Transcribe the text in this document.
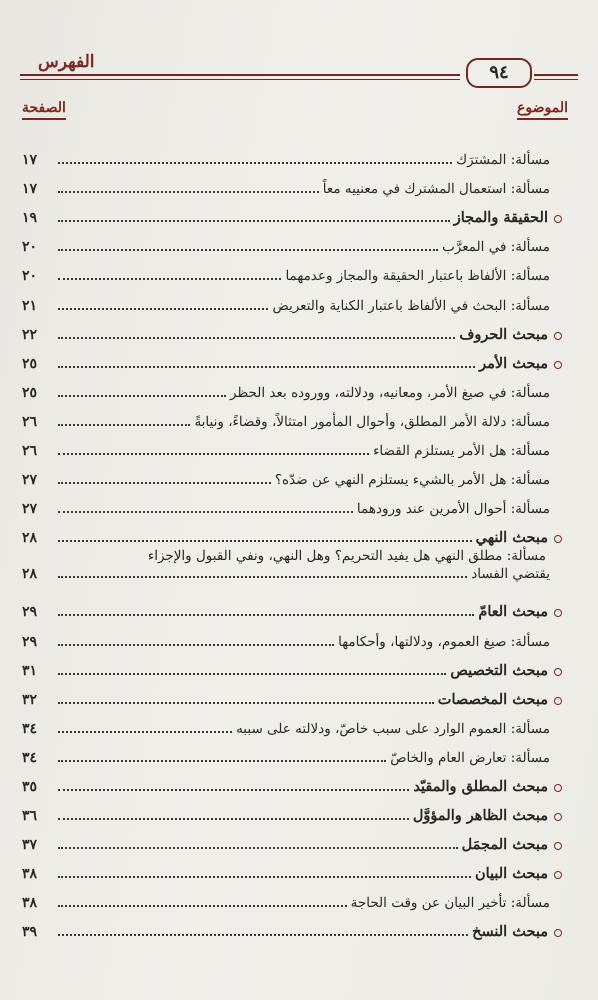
الفهرس	٩٤
الموضوع
الصفحة
مسألة: المشترَك
١٧
مسألة: استعمال المشترك في معنييه معاً
١٧
الحقيقة والمجاز
١٩
مسألة: في المعرَّب
٢٠
مسألة: الألفاظ باعتبار الحقيقة والمجاز وعدمهما
٢٠
مسألة: البحث في الألفاظ باعتبار الكناية والتعريض
٢١
مبحث الحروف
٢٢
مبحث الأمر
٢٥
مسألة: في صيغ الأمر، ومعانيه، ودلالته، ووروده بعد الحظر
٢٥
مسألة: دلالة الأمر المطلق، وأحوال المأمور امتثالاً، وقضاءً، ونيابةً
٢٦
مسألة: هل الأمر يستلزم القضاء
٢٦
مسألة: هل الأمر بالشيء يستلزم النهي عن ضدّه؟
٢٧
مسألة: أحوال الأمرين عند ورودهما
٢٧
مبحث النهي
٢٨
مسألة: مطلق النهي هل يفيد التحريم؟ وهل النهي، ونفي القبول والإجزاء
يقتضي الفساد
٢٨
مبحث العامّ
٢٩
مسألة: صيغ العموم، ودلالتها، وأحكامها
٢٩
مبحث التخصيص
٣١
مبحث المخصصات
٣٢
مسألة: العموم الوارد على سبب خاصّ، ودلالته على سببه
٣٤
مسألة: تعارض العام والخاصّ
٣٤
مبحث المطلق والمقيّد
٣٥
مبحث الظاهر والمؤوَّل
٣٦
مبحث المجمَل
٣٧
مبحث البيان
٣٨
مسألة: تأخير البيان عن وقت الحاجة
٣٨
مبحث النسخ
٣٩
